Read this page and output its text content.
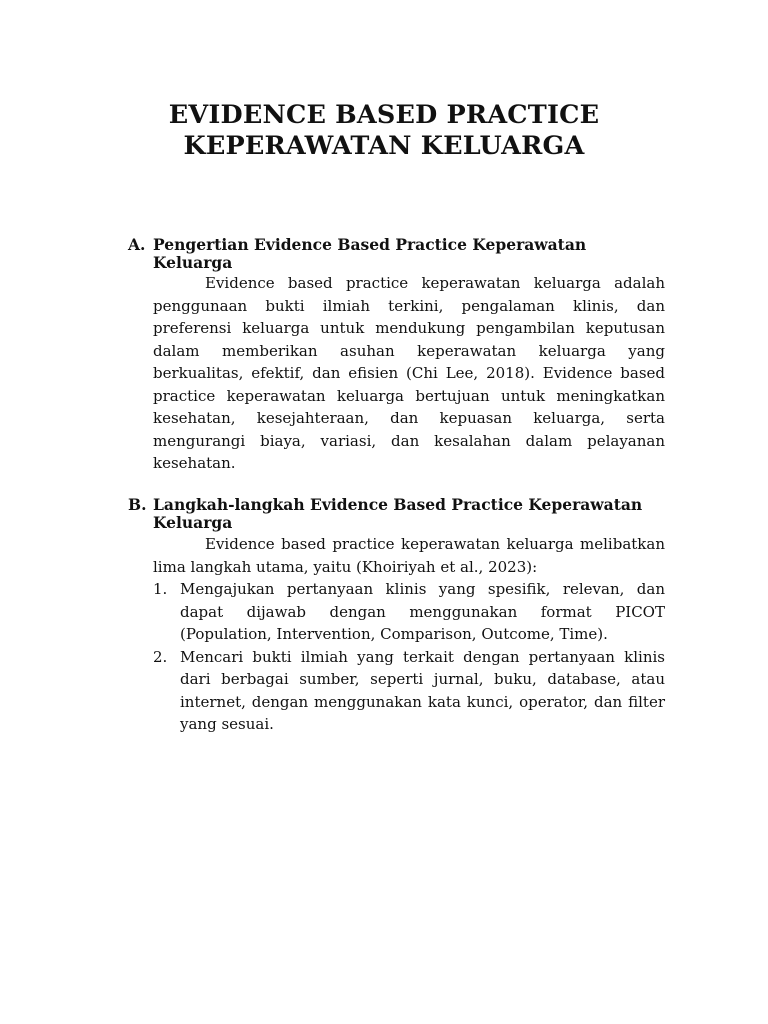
EVIDENCE BASED PRACTICE
KEPERAWATAN KELUARGA
A. Pengertian Evidence Based Practice Keperawatan Keluarga

Evidence based practice keperawatan keluarga adalah penggunaan bukti ilmiah terkini, pengalaman klinis, dan preferensi keluarga untuk mendukung pengambilan keputusan dalam memberikan asuhan keperawatan keluarga yang berkualitas, efektif, dan efisien (Chi Lee, 2018). Evidence based practice keperawatan keluarga bertujuan untuk meningkatkan kesehatan, kesejahteraan, dan kepuasan keluarga, serta mengurangi biaya, variasi, dan kesalahan dalam pelayanan kesehatan.

B. Langkah-langkah Evidence Based Practice Keperawatan Keluarga

Evidence based practice keperawatan keluarga melibatkan lima langkah utama, yaitu (Khoiriyah et al., 2023):

1. Mengajukan pertanyaan klinis yang spesifik, relevan, dan dapat dijawab dengan menggunakan format PICOT (Population, Intervention, Comparison, Outcome, Time).
2. Mencari bukti ilmiah yang terkait dengan pertanyaan klinis dari berbagai sumber, seperti jurnal, buku, database, atau internet, dengan menggunakan kata kunci, operator, dan filter yang sesuai.
